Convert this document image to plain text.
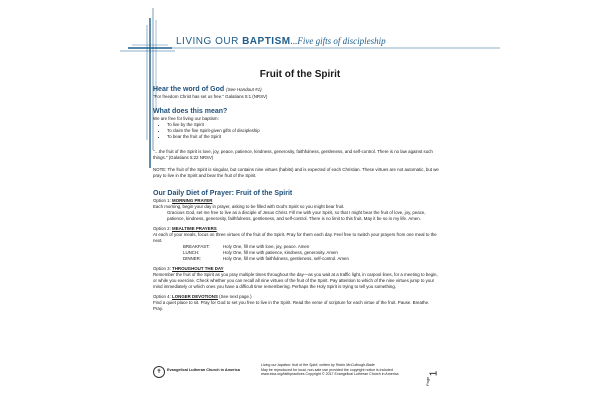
LIVING OUR BAPTISM...Five gifts of discipleship
Fruit of the Spirit
Hear the word of God (See Handout #1)

"For freedom Christ has set us free." Galatians 5:1 (NRSV)

What does this mean?

We are free for living our baptism:

• To live by the Spirit
• To claim the five Spirit-given gifts of discipleship
• To bear the fruit of the Spirit

"…the fruit of the Spirit is love, joy, peace, patience, kindness, generosity, faithfulness, gentleness, and self-control. There is no law against such things." (Galatians 5:22 NRSV)

NOTE: The fruit of the Spirit is singular, but contains nine virtues (habits) and is expected of each Christian. These virtues are not automatic, but we pray to live in the Spirit and bear the fruit of the Spirit.

Our Daily Diet of Prayer: Fruit of the Spirit

Option 1: MORNING PRAYER

Each morning, begin your day in prayer, asking to be filled with God's Spirit so you might bear fruit.

Gracious God, set me free to live as a disciple of Jesus Christ. Fill me with your Spirit, so that I might bear the fruit of love, joy, peace, patience, kindness, generosity, faithfulness, gentleness, and self-control. There is no limit to this fruit. May it be so in my life. Amen.

Option 2: MEALTIME PRAYERS

At each of your meals, focus on three virtues of the fruit of the Spirit. Pray for them each day. Feel free to switch your prayers from one meal to the next.

BREAKFAST:	Holy One, fill me with love, joy, peace. Amen
LUNCH:	Holy One, fill me with patience, kindness, generosity. Amen
DINNER:	Holy One, fill me with faithfulness, gentleness, self-control. Amen

Option 3: THROUGHOUT THE DAY

Remember the fruit of the Spirit as you pray multiple times throughout the day—as you wait at a traffic light, in carpool lines, for a meeting to begin, or while you exercise. Check whether you can recall all nine virtues of the fruit of the Spirit. Pay attention to which of the nine virtues jump to your mind immediately or which ones you have a difficult time remembering. Perhaps the Holy Spirit is trying to tell you something.

Option 4: LONGER DEVOTIONS (See next page.)

Find a quiet place to sit. Pray for God to set you free to live in the Spirit. Read the verse of scripture for each virtue of the fruit. Pause. Breathe. Pray.

✝	Evangelical Lutheran Church in America
Living our baptism: fruit of the Spirit, written by Robin McCullough-Bade
May be reproduced for local, non-sale use provided the copyright notice is included
www.elca.org/faithpractices Copyright © 2017 Evangelical Lutheran Church in America
Page
1
